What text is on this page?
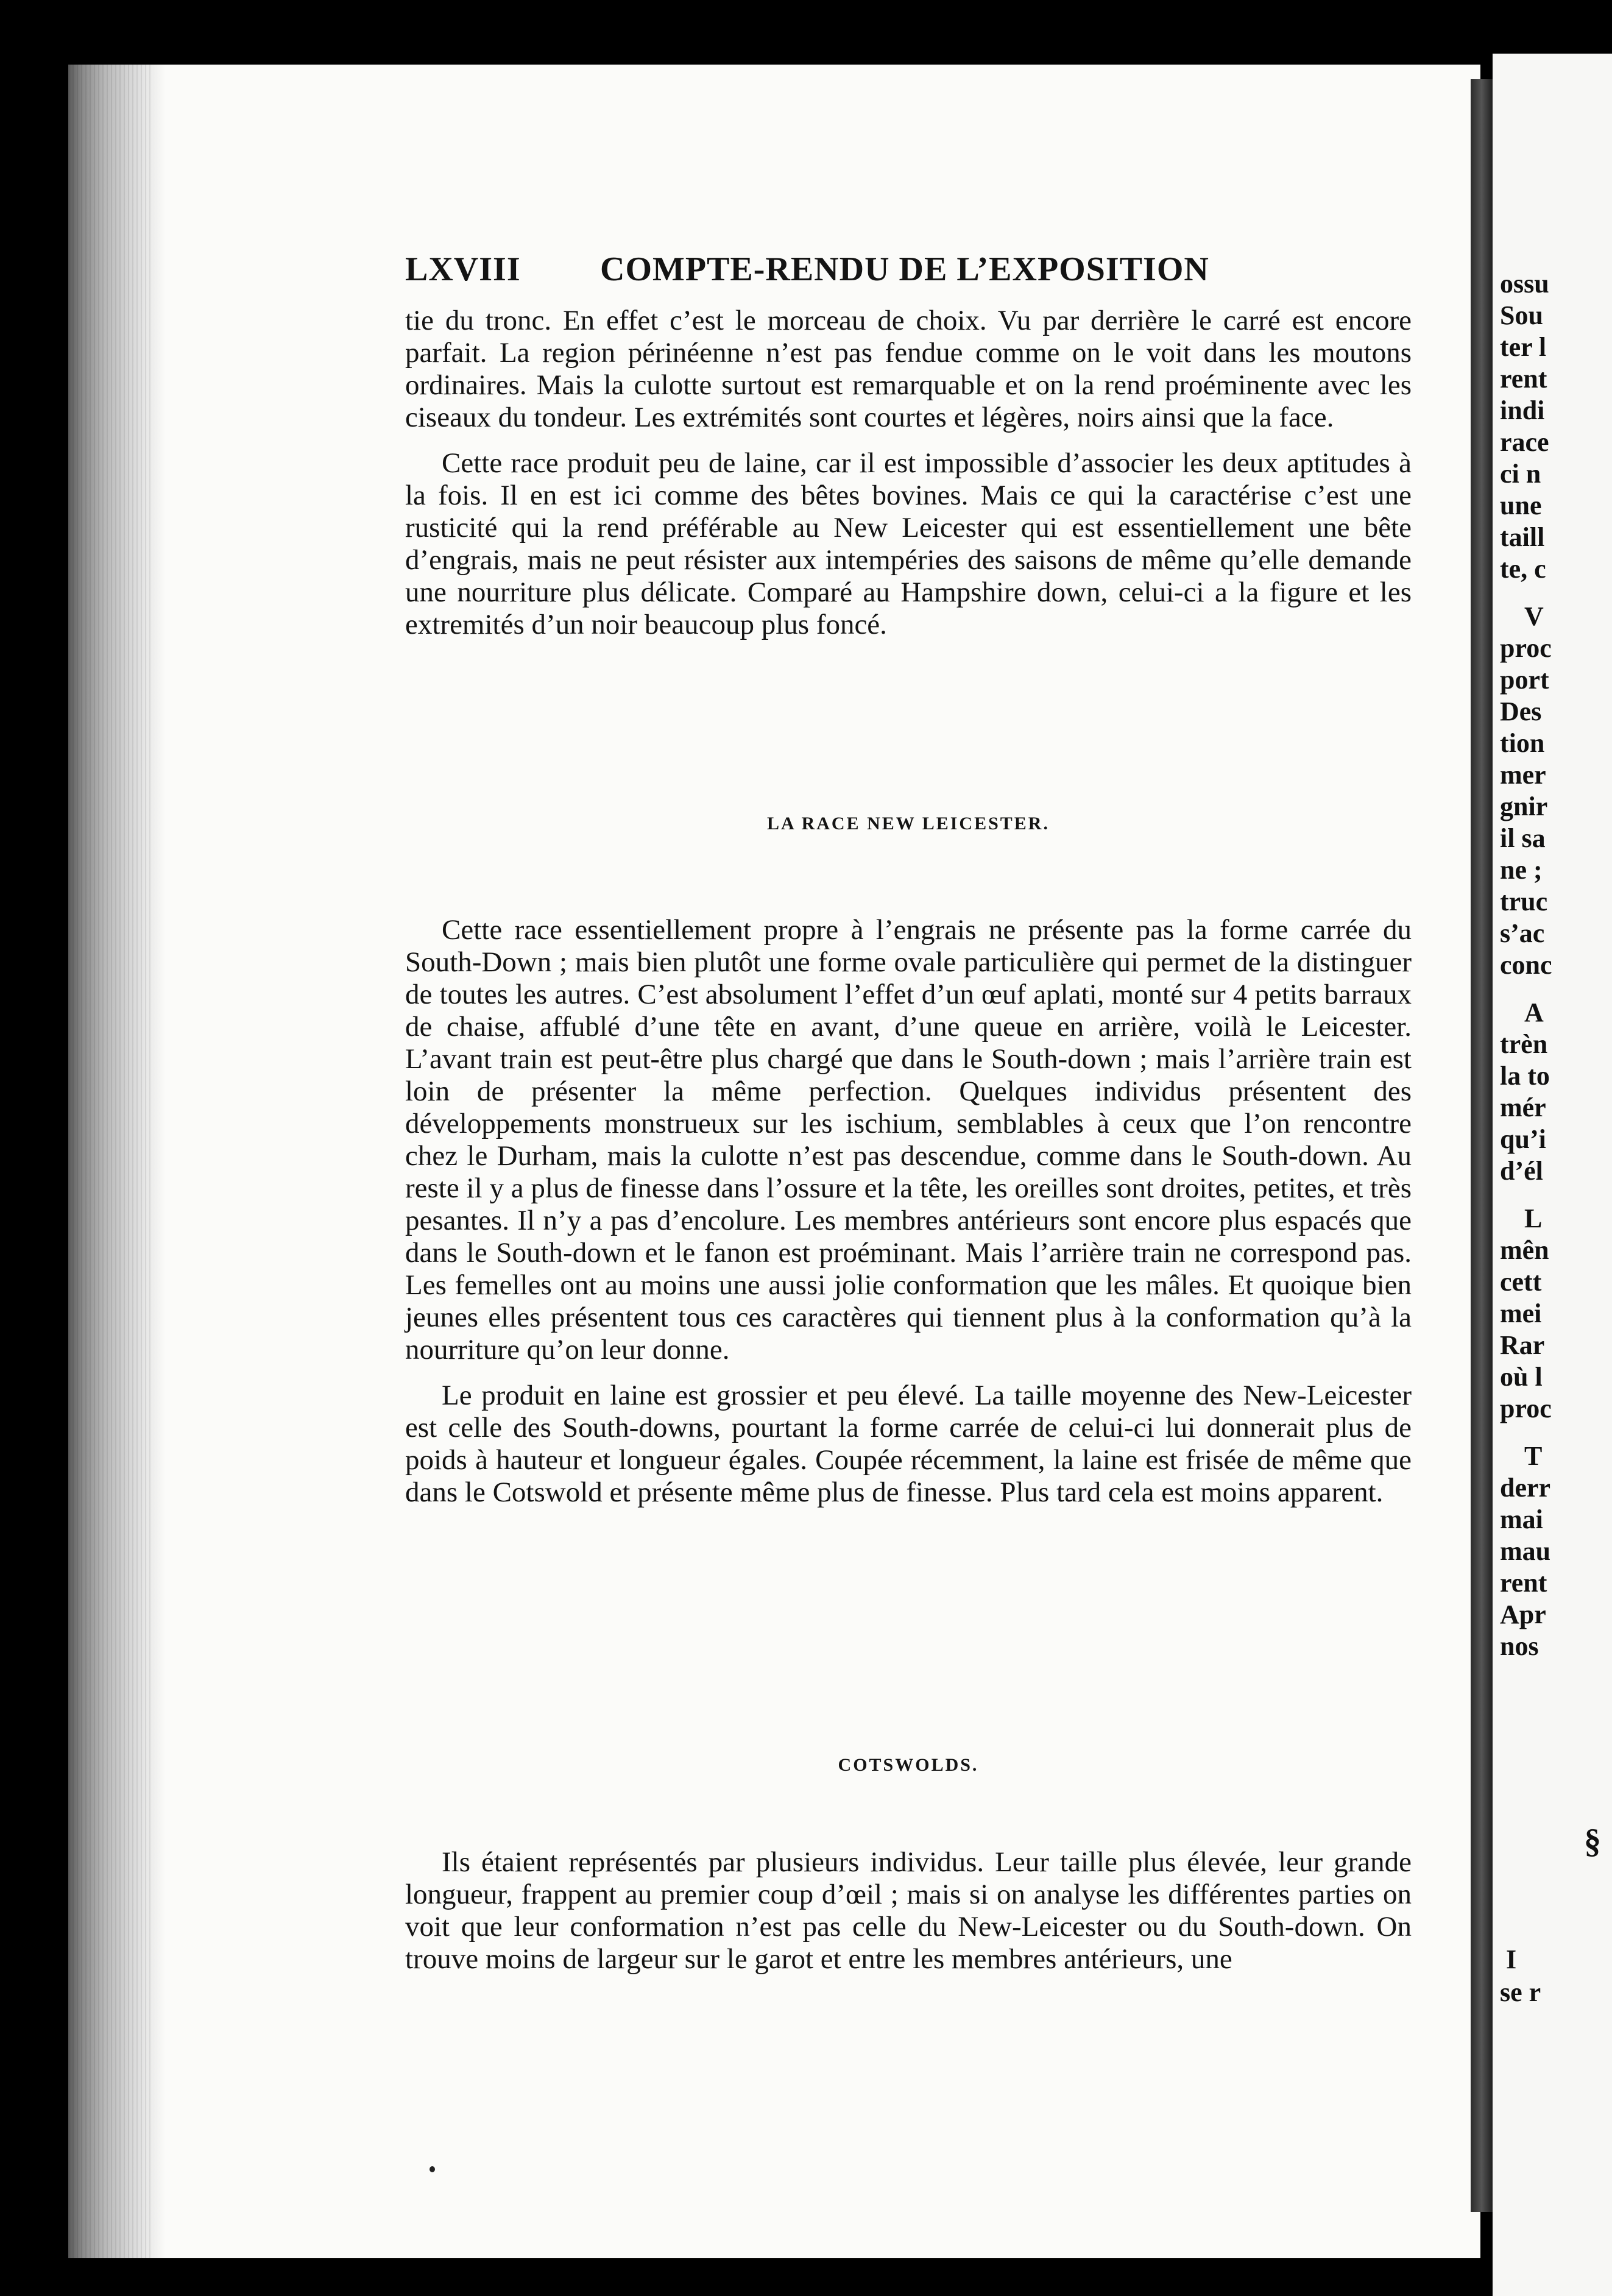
ossu
Sou
ter l
rent
indi
race
ci n
une
taill
te, c
V
proc
port
Des
tion
mer
gnir
il sa
ne ;
truc
s’ac
conc
A
trèn
la to
mér
qu’i
d’él
L
mên
cett
mei
Rar
où l
proc
T
derr
mai
mau
rent
Apr
nos
§
I
se r
LXVIII COMPTE-RENDU DE L’EXPOSITION

tie du tronc. En effet c’est le morceau de choix. Vu par derrière le carré est encore parfait. La region périnéenne n’est pas fendue comme on le voit dans les moutons ordinaires. Mais la culotte surtout est remarquable et on la rend proéminente avec les ciseaux du tondeur. Les extrémités sont courtes et légères, noirs ainsi que la face.

Cette race produit peu de laine, car il est impossible d’associer les deux aptitudes à la fois. Il en est ici comme des bêtes bovines. Mais ce qui la caractérise c’est une rusticité qui la rend préférable au New Leicester qui est essentiellement une bête d’engrais, mais ne peut résister aux intempéries des saisons de même qu’elle demande une nourriture plus délicate. Comparé au Hampshire down, celui-ci a la figure et les extremités d’un noir beaucoup plus foncé.

LA RACE NEW LEICESTER.

Cette race essentiellement propre à l’engrais ne présente pas la forme carrée du South-Down ; mais bien plutôt une forme ovale particulière qui permet de la distinguer de toutes les autres. C’est absolument l’effet d’un œuf aplati, monté sur 4 petits barraux de chaise, affublé d’une tête en avant, d’une queue en arrière, voilà le Leicester. L’avant train est peut-être plus chargé que dans le South-down ; mais l’arrière train est loin de présenter la même perfection. Quelques individus présentent des développements monstrueux sur les ischium, semblables à ceux que l’on rencontre chez le Durham, mais la culotte n’est pas descendue, comme dans le South-down. Au reste il y a plus de finesse dans l’ossure et la tête, les oreilles sont droites, petites, et très pesantes. Il n’y a pas d’encolure. Les membres antérieurs sont encore plus espacés que dans le South-down et le fanon est proéminant. Mais l’arrière train ne correspond pas. Les femelles ont au moins une aussi jolie conformation que les mâles. Et quoique bien jeunes elles présentent tous ces caractères qui tiennent plus à la conformation qu’à la nourriture qu’on leur donne.

Le produit en laine est grossier et peu élevé. La taille moyenne des New-Leicester est celle des South-downs, pourtant la forme carrée de celui-ci lui donnerait plus de poids à hauteur et longueur égales. Coupée récemment, la laine est frisée de même que dans le Cotswold et présente même plus de finesse. Plus tard cela est moins apparent.

COTSWOLDS.

Ils étaient représentés par plusieurs individus. Leur taille plus élevée, leur grande longueur, frappent au premier coup d’œil ; mais si on analyse les différentes parties on voit que leur conformation n’est pas celle du New-Leicester ou du South-down. On trouve moins de largeur sur le garot et entre les membres antérieurs, une
